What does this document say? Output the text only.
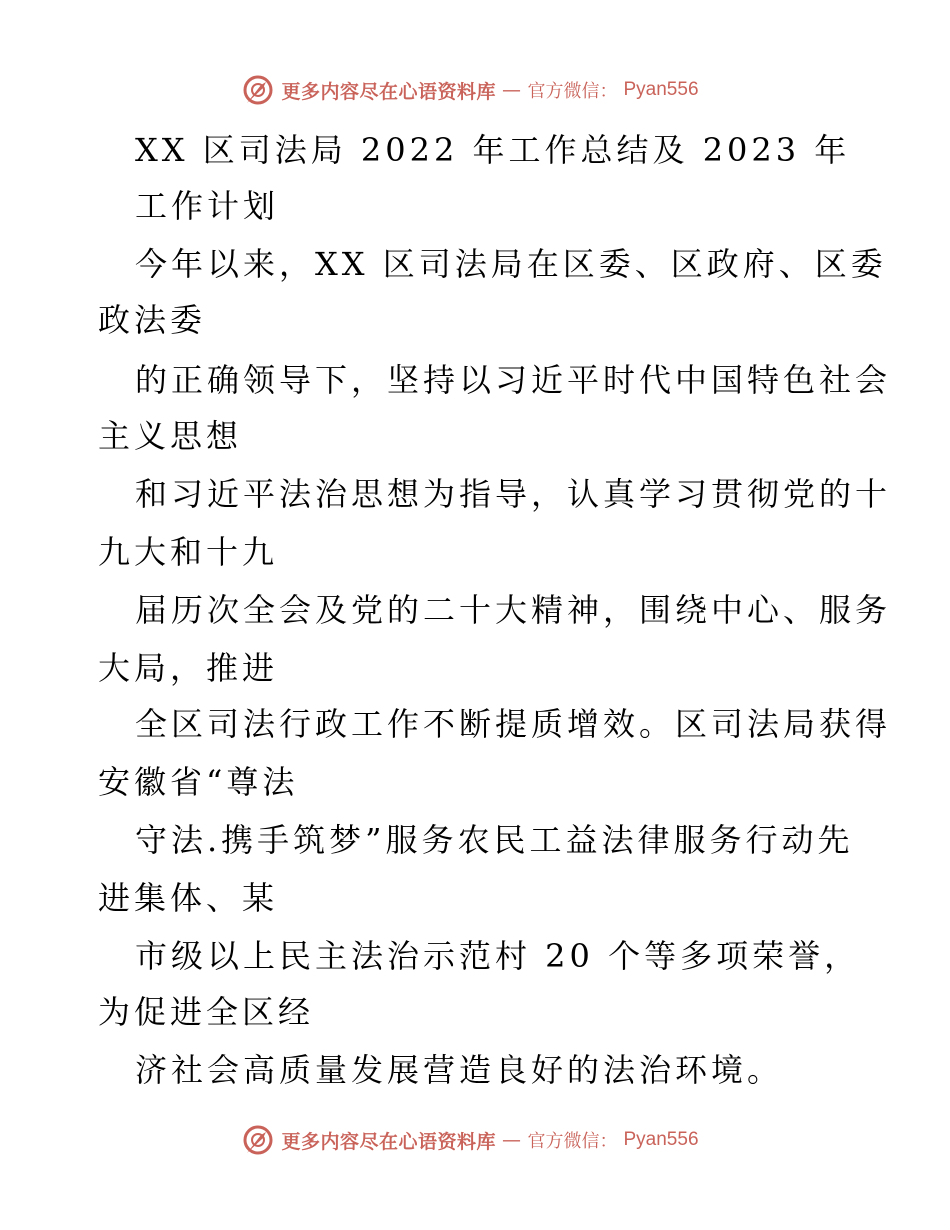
更多内容尽在心语资料库 — 官方微信： Pyan556
XX 区司法局 2022 年工作总结及 2023 年
工作计划
今年以来，XX 区司法局在区委、区政府、区委
政法委
的正确领导下，坚持以习近平时代中国特色社会
主义思想
和习近平法治思想为指导，认真学习贯彻党的十
九大和十九
届历次全会及党的二十大精神，围绕中心、服务
大局，推进
全区司法行政工作不断提质增效。区司法局获得
安徽省“尊法
守法.携手筑梦”服务农民工益法律服务行动先
进集体、某
市级以上民主法治示范村 20 个等多项荣誉，
为促进全区经
济社会高质量发展营造良好的法治环境。
更多内容尽在心语资料库 — 官方微信： Pyan556
